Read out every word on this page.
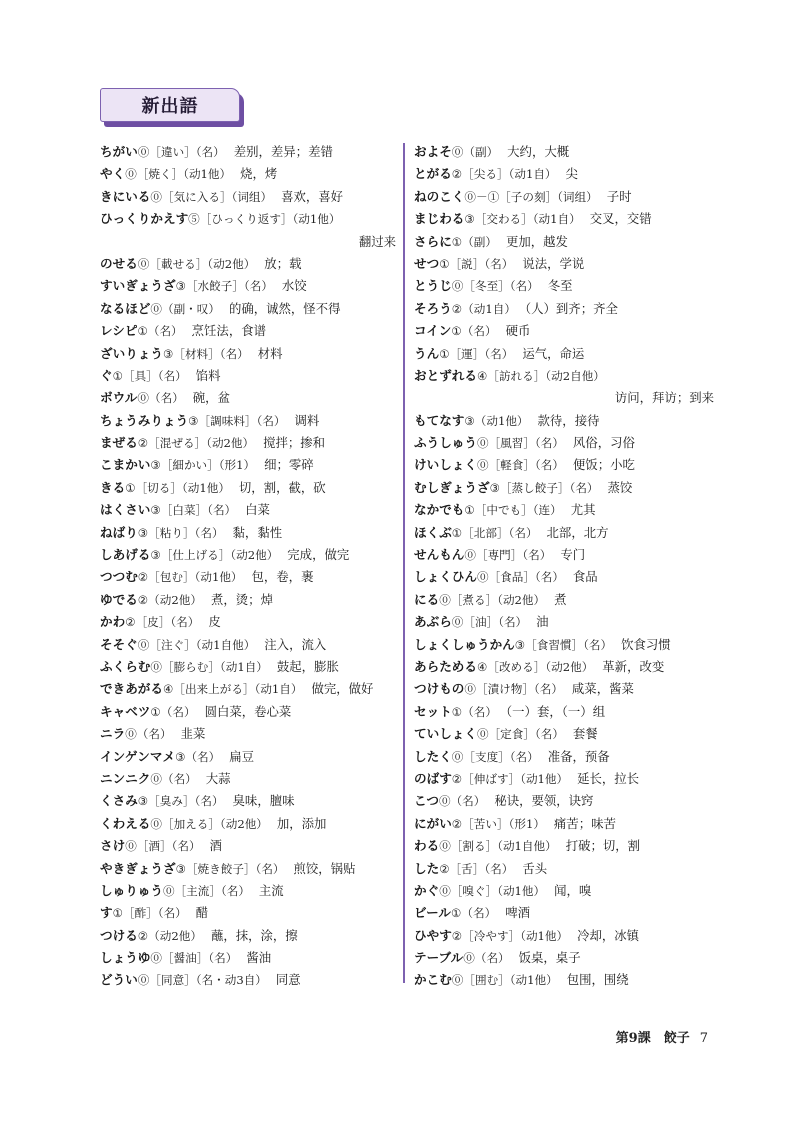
新出語
ちがい⓪［違い］（名） 差别，差异；差错
やく⓪［焼く］（动1他） 烧，烤
きにいる⓪［気に入る］（词组） 喜欢，喜好
ひっくりかえす⑤［ひっくり返す］（动1他）
翻过来
のせる⓪［載せる］（动2他） 放；载
すいぎょうざ③［水餃子］（名） 水饺
なるほど⓪（副・叹） 的确，诚然，怪不得
レシピ①（名） 烹饪法，食谱
ざいりょう③［材料］（名） 材料
ぐ①［具］（名） 馅料
ボウル⓪（名） 碗，盆
ちょうみりょう③［調味料］（名） 调料
まぜる②［混ぜる］（动2他） 搅拌；掺和
こまかい③［細かい］（形1） 细；零碎
きる①［切る］（动1他） 切，割，截，砍
はくさい③［白菜］（名） 白菜
ねばり③［粘り］（名） 黏，黏性
しあげる③［仕上げる］（动2他） 完成，做完
つつむ②［包む］（动1他） 包，卷，裹
ゆでる②（动2他） 煮，烫；焯
かわ②［皮］（名） 皮
そそぐ⓪［注ぐ］（动1自他） 注入，流入
ふくらむ⓪［膨らむ］（动1自） 鼓起，膨胀
できあがる④［出来上がる］（动1自） 做完，做好
キャベツ①（名） 圆白菜，卷心菜
ニラ⓪（名） 韭菜
インゲンマメ③（名） 扁豆
ニンニク⓪（名） 大蒜
くさみ③［臭み］（名） 臭味，膻味
くわえる⓪［加える］（动2他） 加，添加
さけ⓪［酒］（名） 酒
やきぎょうざ③［焼き餃子］（名） 煎饺，锅贴
しゅりゅう⓪［主流］（名） 主流
す①［酢］（名） 醋
つける②（动2他） 蘸，抹，涂，擦
しょうゆ⓪［醤油］（名） 酱油
どうい⓪［同意］（名・动3自） 同意
およそ⓪（副） 大约，大概
とがる②［尖る］（动1自） 尖
ねのこく⓪－①［子の刻］（词组） 子时
まじわる③［交わる］（动1自） 交叉，交错
さらに①（副） 更加，越发
せつ①［説］（名） 说法，学说
とうじ⓪［冬至］（名） 冬至
そろう②（动1自） （人）到齐；齐全
コイン①（名） 硬币
うん①［運］（名） 运气，命运
おとずれる④［訪れる］（动2自他）
访问，拜访；到来
もてなす③（动1他） 款待，接待
ふうしゅう⓪［風習］（名） 风俗，习俗
けいしょく⓪［軽食］（名） 便饭；小吃
むしぎょうざ③［蒸し餃子］（名） 蒸饺
なかでも①［中でも］（连） 尤其
ほくぶ①［北部］（名） 北部，北方
せんもん⓪［専門］（名） 专门
しょくひん⓪［食品］（名） 食品
にる⓪［煮る］（动2他） 煮
あぶら⓪［油］（名） 油
しょくしゅうかん③［食習慣］（名） 饮食习惯
あらためる④［改める］（动2他） 革新，改变
つけもの⓪［漬け物］（名） 咸菜，酱菜
セット①（名） （一）套，（一）组
ていしょく⓪［定食］（名） 套餐
したく⓪［支度］（名） 准备，预备
のばす②［伸ばす］（动1他） 延长，拉长
こつ⓪（名） 秘诀，要领，诀窍
にがい②［苦い］（形1） 痛苦；味苦
わる⓪［割る］（动1自他） 打破；切，割
した②［舌］（名） 舌头
かぐ⓪［嗅ぐ］（动1他） 闻，嗅
ビール①（名） 啤酒
ひやす②［冷やす］（动1他） 冷却，冰镇
テーブル⓪（名） 饭桌，桌子
かこむ⓪［囲む］（动1他） 包围，围绕
第9課　餃子 7
